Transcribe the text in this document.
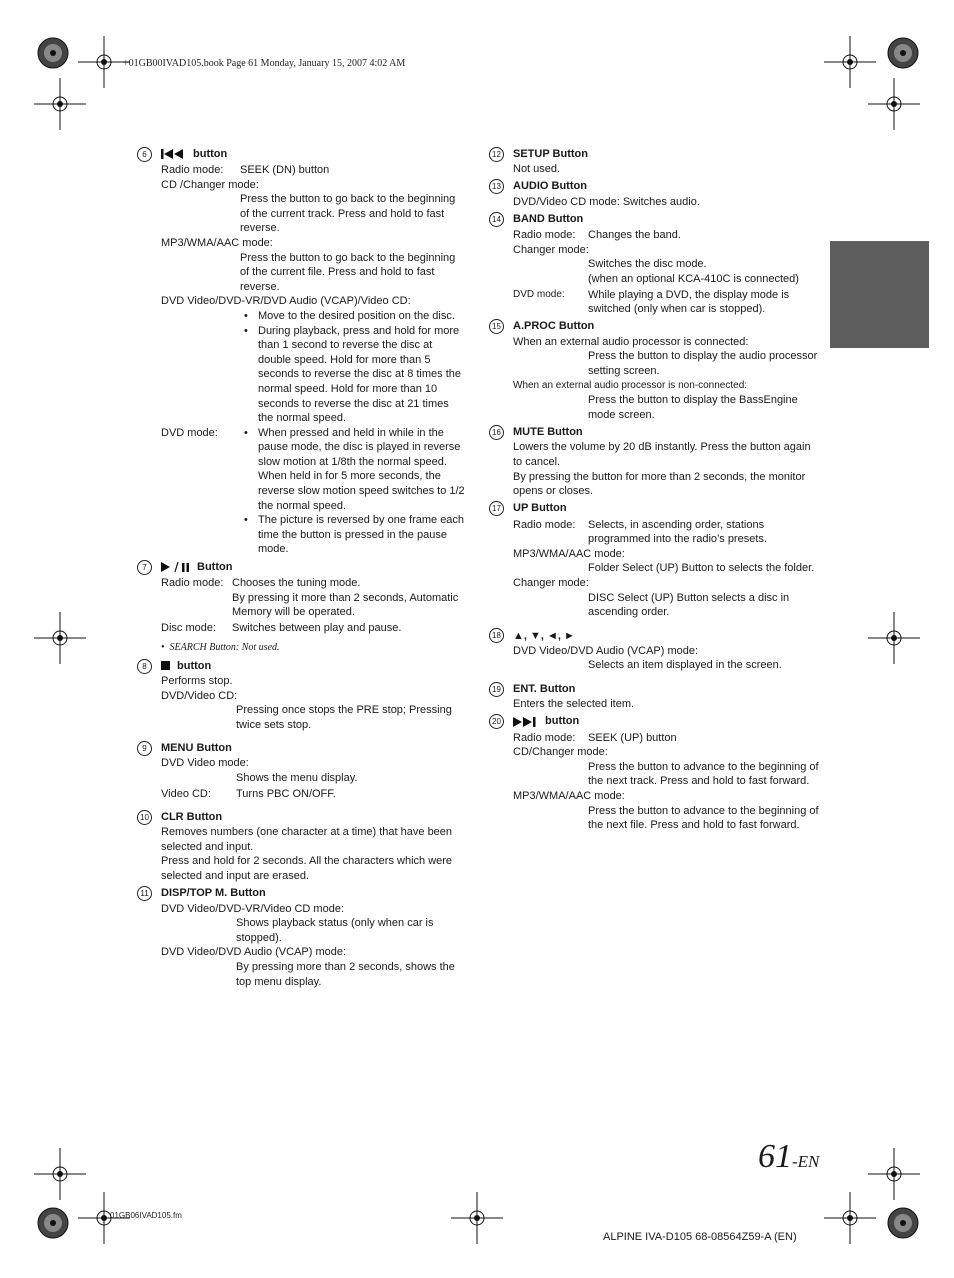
+01GB00IVAD105.book Page 61 Monday, January 15, 2007 4:02 AM
01GB06IVAD105.fm
ALPINE IVA-D105 68-08564Z59-A (EN)
61-EN
6	button
Radio mode:	SEEK (DN) button
CD /Changer mode:
Press the button to go back to the beginning of the current track. Press and hold to fast reverse.
MP3/WMA/AAC mode:
Press the button to go back to the beginning of the current file. Press and hold to fast reverse.
DVD Video/DVD-VR/DVD Audio (VCAP)/Video CD:
• Move to the desired position on the disc.
• During playback, press and hold for more than 1 second to reverse the disc at double speed. Hold for more than 5 seconds to reverse the disc at 8 times the normal speed. Hold for more than 10 seconds to reverse the disc at 21 times the normal speed.
DVD mode:	• When pressed and held in while in the pause mode, the disc is played in reverse slow motion at 1/8th the normal speed. When held in for 5 more seconds, the reverse slow motion speed switches to 1/2 the normal speed.
• The picture is reversed by one frame each time the button is pressed in the pause mode.
7	Button
Radio mode: Chooses the tuning mode.
By pressing it more than 2 seconds, Automatic Memory will be operated.
Disc mode:	Switches between play and pause.
•  SEARCH Button: Not used.
8	button
Performs stop.
DVD/Video CD:
Pressing once stops the PRE stop; Pressing twice sets stop.
9	MENU Button
DVD Video mode:
Shows the menu display.
Video CD:	Turns PBC ON/OFF.
10	CLR Button
Removes numbers (one character at a time) that have been selected and input.
Press and hold for 2 seconds. All the characters which were selected and input are erased.
11	DISP/TOP M. Button
DVD Video/DVD-VR/Video CD mode:
Shows playback status (only when car is stopped).
DVD Video/DVD Audio (VCAP) mode:
By pressing more than 2 seconds, shows the top menu display.
12	SETUP Button
Not used.
13	AUDIO Button
DVD/Video CD mode: Switches audio.
14	BAND Button
Radio mode:	Changes the band.
Changer mode:
Switches the disc mode.
(when an optional KCA-410C is connected)
DVD mode:	While playing a DVD, the display mode is switched (only when car is stopped).
15	A.PROC Button
When an external audio processor is connected:
Press the button to display the audio processor setting screen.
When an external audio processor is non-connected:
Press the button to display the BassEngine mode screen.
16	MUTE Button
Lowers the volume by 20 dB instantly. Press the button again to cancel.
By pressing the button for more than 2 seconds, the monitor opens or closes.
17	UP Button
Radio mode:	Selects, in ascending order, stations programmed into the radio’s presets.
MP3/WMA/AAC mode:
Folder Select (UP) Button to selects the folder.
Changer mode:
DISC Select (UP) Button selects a disc in ascending order.
18	▲, ▼, ◄, ►
DVD Video/DVD Audio (VCAP) mode:
Selects an item displayed in the screen.
19	ENT. Button
Enters the selected item.
20	button
Radio mode:	SEEK (UP) button
CD/Changer mode:
Press the button to advance to the beginning of the next track. Press and hold to fast forward.
MP3/WMA/AAC mode:
Press the button to advance to the beginning of the next file. Press and hold to fast forward.
